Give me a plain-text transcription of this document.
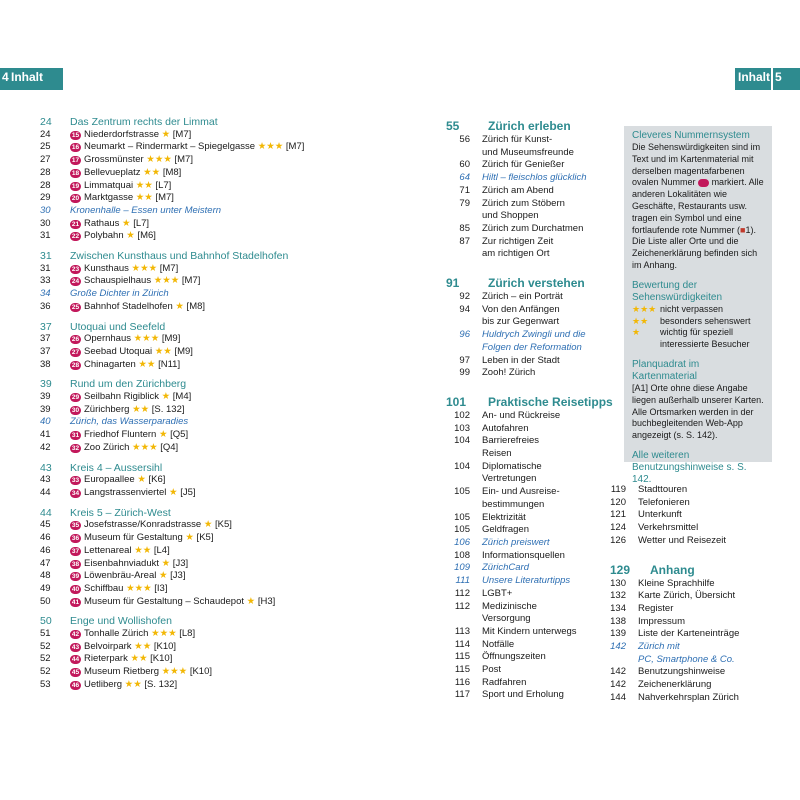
4 Inhalt	Inhalt 5
24	Das Zentrum rechts der Limmat
24	15 Niederdorfstrasse ★ [M7]
25	16 Neumarkt – Rindermarkt – Spiegelgasse ★★★ [M7]
27	17 Grossmünster ★★★ [M7]
28	18 Bellevueplatz ★★ [M8]
28	19 Limmatquai ★★ [L7]
29	20 Marktgasse ★★ [M7]
30	Kronenhalle – Essen unter Meistern
30	21 Rathaus ★ [L7]
31	22 Polybahn ★ [M6]
31	Zwischen Kunsthaus und Bahnhof Stadelhofen
31	23 Kunsthaus ★★★ [M7]
33	24 Schauspielhaus ★★★ [M7]
34	Große Dichter in Zürich
36	25 Bahnhof Stadelhofen ★ [M8]
37	Utoquai und Seefeld
37	26 Opernhaus ★★★ [M9]
37	27 Seebad Utoquai ★★ [M9]
38	28 Chinagarten ★★ [N11]
39	Rund um den Zürichberg
39	29 Seilbahn Rigiblick ★ [M4]
39	30 Zürichberg ★★ [S. 132]
40	Zürich, das Wasserparadies
41	31 Friedhof Fluntern ★ [Q5]
42	32 Zoo Zürich ★★★ [Q4]
43	Kreis 4 – Aussersihl
43	33 Europaallee ★ [K6]
44	34 Langstrassenviertel ★ [J5]
44	Kreis 5 – Zürich-West
45	35 Josefstrasse/Konradstrasse ★ [K5]
46	36 Museum für Gestaltung ★ [K5]
46	37 Lettenareal ★★ [L4]
47	38 Eisenbahnviadukt ★ [J3]
48	39 Löwenbräu-Areal ★ [J3]
49	40 Schiffbau ★★★ [I3]
50	41 Museum für Gestaltung – Schaudepot ★ [H3]
50	Enge und Wollishofen
51	42 Tonhalle Zürich ★★★ [L8]
52	43 Belvoirpark ★★ [K10]
52	44 Rieterpark ★★ [K10]
52	45 Museum Rietberg ★★★ [K10]
53	46 Uetliberg ★★ [S. 132]
55	Zürich erleben
56	Zürich für Kunst-
und Museumsfreunde
60	Zürich für Genießer
64	Hiltl – fleischlos glücklich
71	Zürich am Abend
79	Zürich zum Stöbern
und Shoppen
85	Zürich zum Durchatmen
87	Zur richtigen Zeit
am richtigen Ort
91	Zürich verstehen
92	Zürich – ein Porträt
94	Von den Anfängen
bis zur Gegenwart
96	Huldrych Zwingli und die
Folgen der Reformation
97	Leben in der Stadt
99	Zooh! Zürich
101	Praktische Reisetipps
102	An- und Rückreise
103	Autofahren
104	Barrierefreies
Reisen
104	Diplomatische
Vertretungen
105	Ein- und Ausreise-
bestimmungen
105	Elektrizität
105	Geldfragen
106	Zürich preiswert
108	Informationsquellen
109	ZürichCard
111	Unsere Literaturtipps
112	LGBT+
112	Medizinische
Versorgung
113	Mit Kindern unterwegs
114	Notfälle
115	Öffnungszeiten
115	Post
116	Radfahren
117	Sport und Erholung
119	Stadttouren
120	Telefonieren
121	Unterkunft
124	Verkehrsmittel
126	Wetter und Reisezeit
129	Anhang
130	Kleine Sprachhilfe
132	Karte Zürich, Übersicht
134	Register
138	Impressum
139	Liste der Karteneinträge
142	Zürich mit
PC, Smartphone & Co.
142	Benutzungshinweise
142	Zeichenerklärung
144	Nahverkehrsplan Zürich

Cleveres Nummernsystem

Die Sehenswürdigkeiten sind im Text und im Kartenmaterial mit derselben magentafarbenen ovalen Nummer markiert. Alle anderen Lokalitäten wie Geschäfte, Restaurants usw. tragen ein Symbol und eine fortlaufende rote Nummer (■1). Die Liste aller Orte und die Zeichenerklärung befinden sich im Anhang.

Bewertung der Sehenswürdigkeiten

★★★ nicht verpassen
★★	besonders sehenswert
★	wichtig für speziell interessierte Besucher

Planquadrat im Kartenmaterial

[A1] Orte ohne diese Angabe liegen außerhalb unserer Karten. Alle Ortsmarken werden in der buchbegleitenden Web-App angezeigt (s. S. 142).

Alle weiteren Benutzungshinweise s. S. 142.
